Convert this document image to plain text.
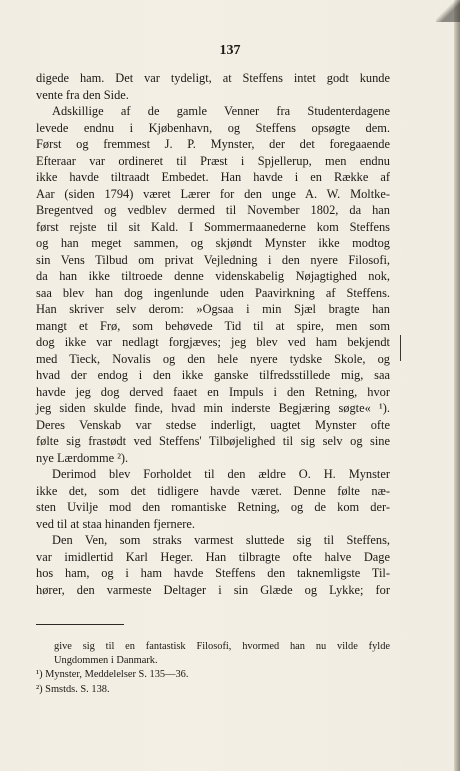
137
digede ham. Det var tydeligt, at Steffens intet godt kunde
vente fra den Side.
Adskillige af de gamle Venner fra Studenterdagene
levede endnu i Kjøbenhavn, og Steffens opsøgte dem.
Først og fremmest J. P. Mynster, der det foregaaende
Efteraar var ordineret til Præst i Spjellerup, men endnu
ikke havde tiltraadt Embedet. Han havde i en Række af
Aar (siden 1794) været Lærer for den unge A. W. Moltke-
Bregentved og vedblev dermed til November 1802, da han
først rejste til sit Kald. I Sommermaanederne kom Steffens
og han meget sammen, og skjøndt Mynster ikke modtog
sin Vens Tilbud om privat Vejledning i den nyere Filosofi,
da han ikke tiltroede denne videnskabelig Nøjagtighed nok,
saa blev han dog ingenlunde uden Paavirkning af Steffens.
Han skriver selv derom: »Ogsaa i min Sjæl bragte han
mangt et Frø, som behøvede Tid til at spire, men som
dog ikke var nedlagt forgjæves; jeg blev ved ham bekjendt
med Tieck, Novalis og den hele nyere tydske Skole, og
hvad der endog i den ikke ganske tilfredsstillede mig, saa
havde jeg dog derved faaet en Impuls i den Retning, hvor
jeg siden skulde finde, hvad min inderste Begjæring søgte« ¹).
Deres Venskab var stedse inderligt, uagtet Mynster ofte
følte sig frastødt ved Steffens' Tilbøjelighed til sig selv og sine
nye Lærdomme ²).
Derimod blev Forholdet til den ældre O. H. Mynster
ikke det, som det tidligere havde været. Denne følte næ-
sten Uvilje mod den romantiske Retning, og de kom der-
ved til at staa hinanden fjernere.
Den Ven, som straks varmest sluttede sig til Steffens,
var imidlertid Karl Heger. Han tilbragte ofte halve Dage
hos ham, og i ham havde Steffens den taknemligste Til-
hører, den varmeste Deltager i sin Glæde og Lykke; for
give sig til en fantastisk Filosofi, hvormed han nu vilde fylde
Ungdommen i Danmark.
¹) Mynster, Meddelelser S. 135—36.
²) Smstds. S. 138.
